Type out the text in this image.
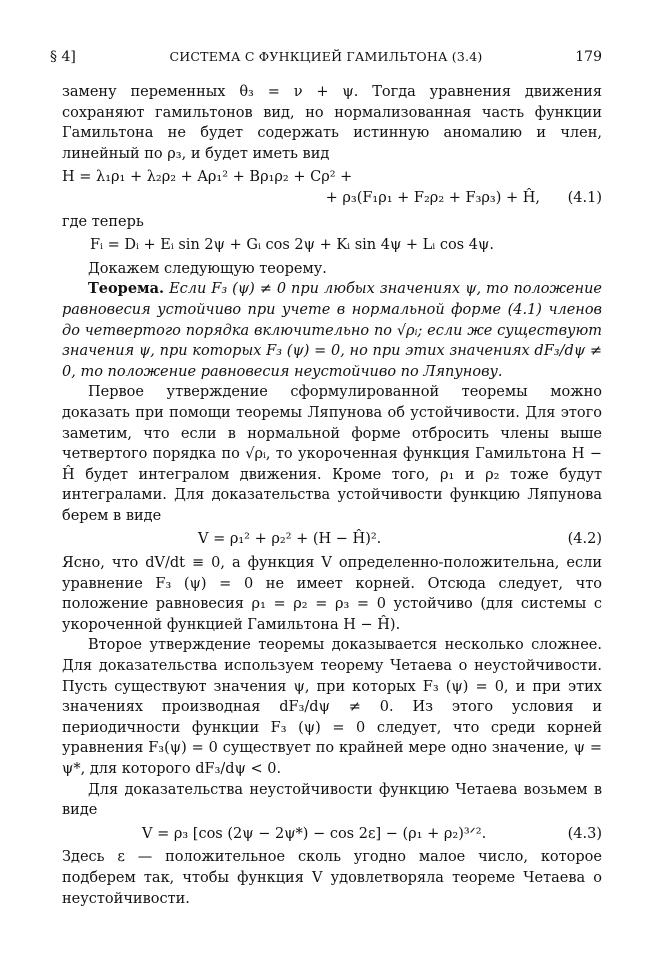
§ 4]	СИСТЕМА С ФУНКЦИЕЙ ГАМИЛЬТОНА (3.4)	179

замену переменных θ₃ = ν + ψ. Тогда уравнения движения сохраняют гамильтонов вид, но нормализованная часть функции Гамильтона не будет содержать истинную аномалию и член, линейный по ρ₃, и будет иметь вид

H = λ₁ρ₁ + λ₂ρ₂ + Aρ₁² + Bρ₁ρ₂ + Cρ² +
+ ρ₃(F₁ρ₁ + F₂ρ₂ + F₃ρ₃) + Ĥ, (4.1)

где теперь

Fᵢ = Dᵢ + Eᵢ sin 2ψ + Gᵢ cos 2ψ + Kᵢ sin 4ψ + Lᵢ cos 4ψ.

Докажем следующую теорему.

Теорема. Если F₃ (ψ) ≠ 0 при любых значениях ψ, то положение равновесия устойчиво при учете в нормальной форме (4.1) членов до четвертого порядка включительно по √ρᵢ; если же существуют значения ψ, при которых F₃ (ψ) = 0, но при этих значениях dF₃/dψ ≠ 0, то положение равновесия неустойчиво по Ляпунову.

Первое утверждение сформулированной теоремы можно доказать при помощи теоремы Ляпунова об устойчивости. Для этого заметим, что если в нормальной форме отбросить члены выше четвертого порядка по √ρᵢ, то укороченная функция Гамильтона H − Ĥ будет интегралом движения. Кроме того, ρ₁ и ρ₂ тоже будут интегралами. Для доказательства устойчивости функцию Ляпунова берем в виде

V = ρ₁² + ρ₂² + (H − Ĥ)².	(4.2)

Ясно, что dV/dt ≡ 0, а функция V определенно-положительна, если уравнение F₃ (ψ) = 0 не имеет корней. Отсюда следует, что положение равновесия ρ₁ = ρ₂ = ρ₃ = 0 устойчиво (для системы с укороченной функцией Гамильтона H − Ĥ).

Второе утверждение теоремы доказывается несколько сложнее. Для доказательства используем теорему Четаева о неустойчивости. Пусть существуют значения ψ, при которых F₃ (ψ) = 0, и при этих значениях производная dF₃/dψ ≠ 0. Из этого условия и периодичности функции F₃ (ψ) = 0 следует, что среди корней уравнения F₃(ψ) = 0 существует по крайней мере одно значение, ψ = ψ*, для которого dF₃/dψ < 0.

Для доказательства неустойчивости функцию Четаева возьмем в виде

V = ρ₃ [cos (2ψ − 2ψ*) − cos 2ε] − (ρ₁ + ρ₂)³ᐟ².	(4.3)

Здесь ε — положительное сколь угодно малое число, которое подберем так, чтобы функция V удовлетворяла теореме Четаева о неустойчивости.
